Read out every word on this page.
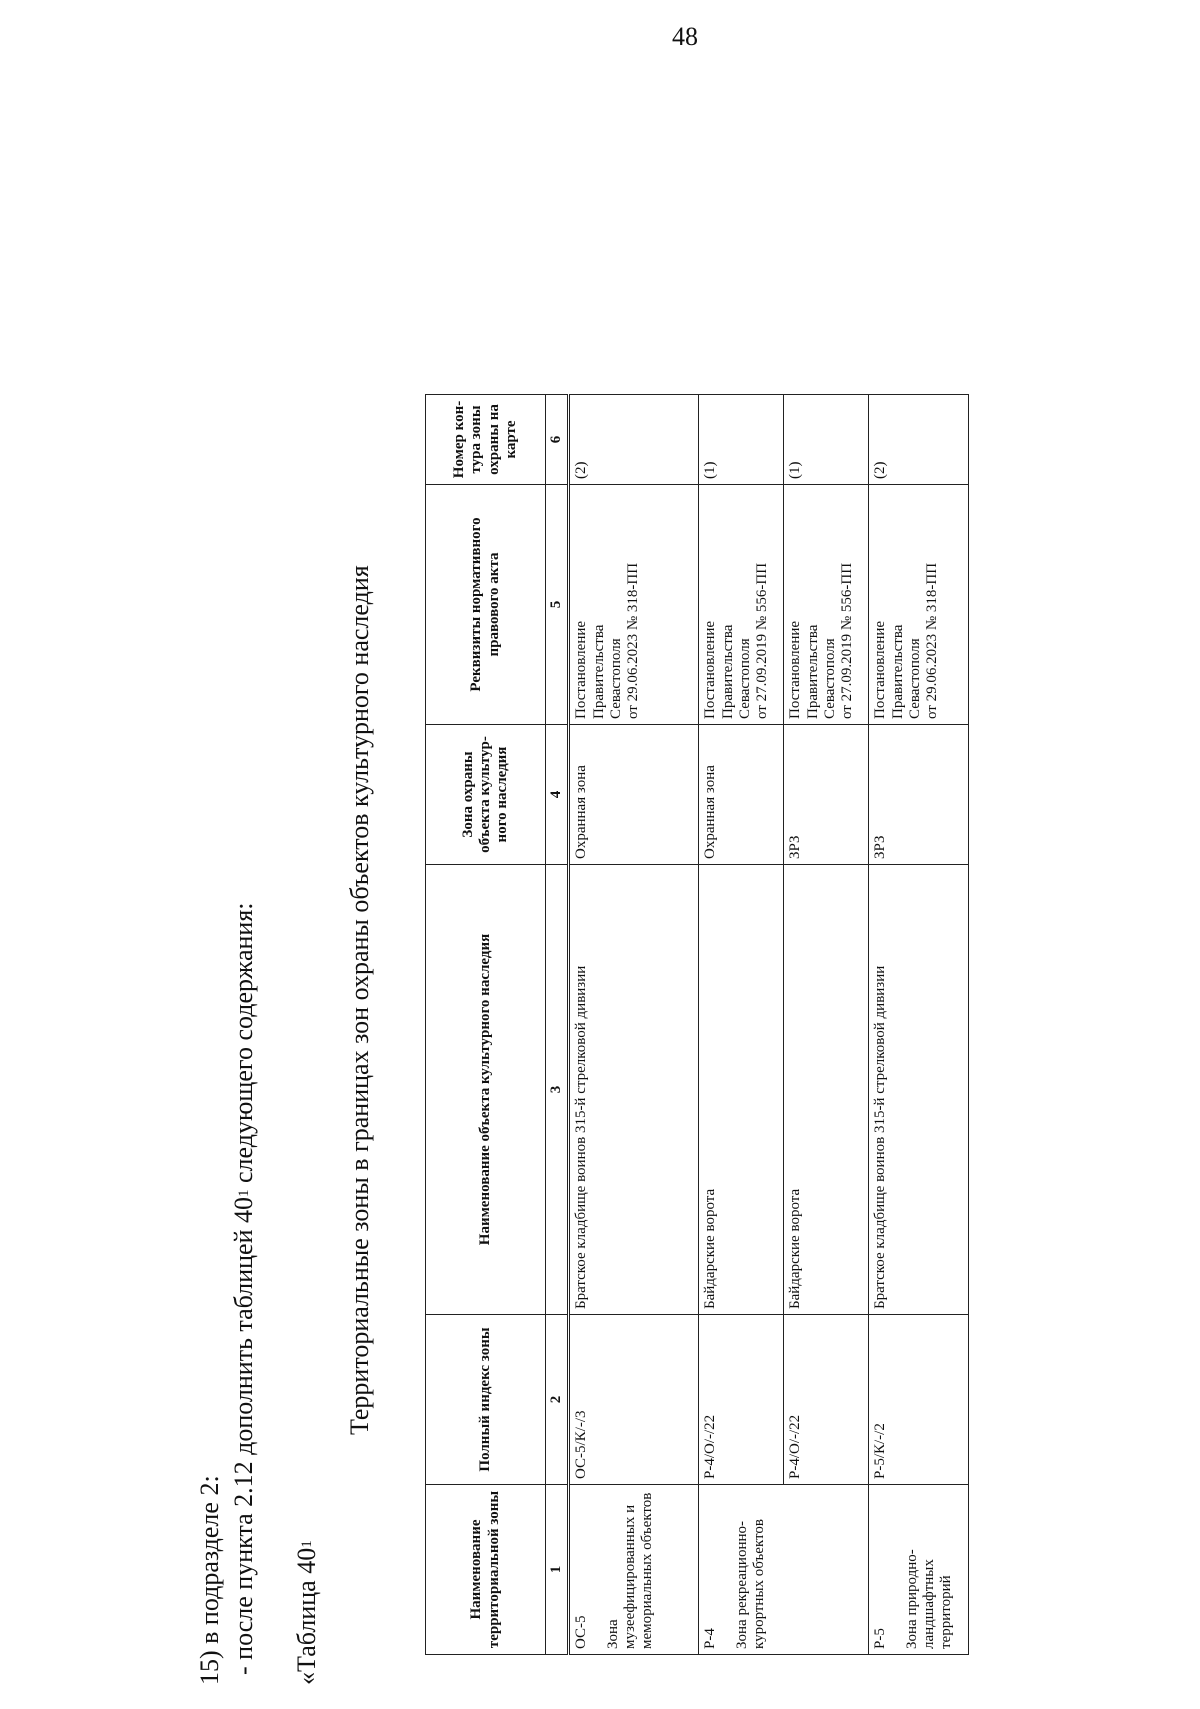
48
15) в подразделе 2: - после пункта 2.12 дополнить таблицей $40^1$ следующего содержания:
«Таблица $40^1$
Территориальные зоны в границах зон охраны объектов культурного наследия
Наименование территориальной зоны	Полный индекс зоны	Наименование объекта культурного наследия	Зона охраны объекта культур-ного наследия	Реквизиты нормативного правового акта	Номер кон-тура зоны охраны на карте
1	2	3	4	5	6

ОС-5 Зона музеефицированных и мемориальных объектов	ОС-5/К/-/3	Братское кладбище воинов 315-й стрелковой дивизии	Охранная зона	Постановление Правительства Севастополя от 29.06.2023 № 318-ПП	(2)

Р-4 Зона рекреационно-курортных объектов	Р-4/О/-/22	Байдарские ворота	Охранная зона	Постановление Правительства Севастополя от 27.09.2019 № 556-ПП	(1)
	Р-4/О/-/22	Байдарские ворота	ЗРЗ	Постановление Правительства Севастополя от 27.09.2019 № 556-ПП	(1)

Р-5 Зона природно-ландшафтных территорий	Р-5/К/-/2	Братское кладбище воинов 315-й стрелковой дивизии	ЗРЗ	Постановление Правительства Севастополя от 29.06.2023 № 318-ПП	(2)
